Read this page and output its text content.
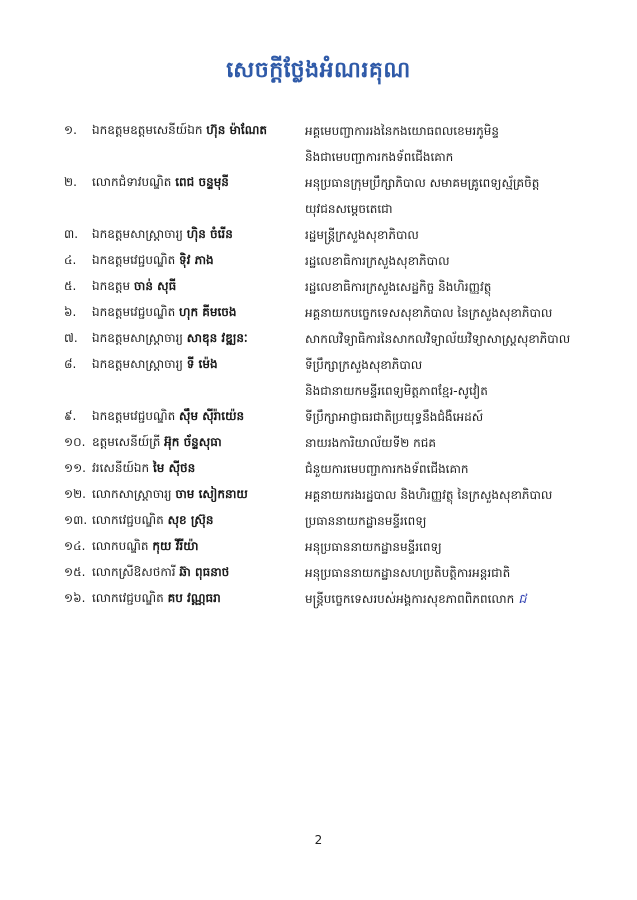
សេចក្តីថ្លែងអំណរគុណ
១.	ឯកឧត្តមឧត្តមសេនីយ៍ឯក ហ៊ុន ម៉ាណែត	អគ្គមេបញ្ជាការរងនៃកងយោធពលខេមរភូមិន្ទ
និងជាមេបញ្ជាការកងទ័ពជើងគោក
២.	លោកជំទាវបណ្ឌិត ពេជ ចន្ទមុនី	អនុប្រធានក្រុមប្រឹក្សាភិបាល សមាគមគ្រូពេទ្យស្ម័គ្រចិត្ត
យុវជនសម្តេចតេជោ
៣.	ឯកឧត្តមសាស្ត្រាចារ្យ ហ៊ិន ចំរើន	រដ្ឋមន្ត្រីក្រសួងសុខាភិបាល
៤.	ឯកឧត្តមវេជ្ជបណ្ឌិត ទ៉ិវ ភាង	រដ្ឋលេខាធិការក្រសួងសុខាភិបាល
៥.	ឯកឧត្តម ចាន់ សុធី	រដ្ឋលេខាធិការក្រសួងសេដ្ឋកិច្ច និងហិរញ្ញវត្ថុ
៦.	ឯកឧត្តមវេជ្ជបណ្ឌិត ហុក គីមចេង	អគ្គនាយកបច្ចេកទេសសុខាភិបាល នៃក្រសួងសុខាភិបាល
៧.	ឯកឧត្តមសាស្ត្រាចារ្យ សាឌុន វឌ្ឍនៈ	សាកលវិទ្យាធិការនៃសាកលវិទ្យាល័យវិទ្យាសាស្ត្រសុខាភិបាល
៨.	ឯកឧត្តមសាស្ត្រាចារ្យ ទី ម៉េង	ទីប្រឹក្សាក្រសួងសុខាភិបាល
និងជានាយកមន្ទីរពេទ្យមិត្តភាពខ្មែរ-សូវៀត
៩.	ឯកឧត្តមវេជ្ជបណ្ឌិត ស៊ឹម ស៊ីរ៉ាយ៉េន	ទីប្រឹក្សាអាជ្ញាធរជាតិប្រយុទ្ធនឹងជំងឺអេដស៍
១០. ឧត្តមសេនីយ៍ត្រី អ៊ុក ច័ន្ទសុធា	នាយរងការិយាល័យទី២ កជគ
១១. វរសេនីយ៍ឯក មៃ ស៊ីថន	ជំនួយការមេបញ្ជាការកងទ័ពជើងគោក
១២. លោកសាស្ត្រាចារ្យ ចាម សៀកនាយ	អគ្គនាយករងរដ្ឋបាល និងហិរញ្ញវត្ថុ នៃក្រសួងសុខាភិបាល
១៣. លោកវេជ្ជបណ្ឌិត សុខ ស្រ៊ុន	ប្រធាននាយកដ្ឋានមន្ទីរពេទ្យ
១៤. លោកបណ្ឌិត កុយ វីរីយ៉ា	អនុប្រធាននាយកដ្ឋានមន្ទីរពេទ្យ
១៥. លោកស្រីឱសថការី ឆ៊ា ពុធនាថ	អនុប្រធាននាយកដ្ឋានសហប្រតិបត្តិការអន្តរជាតិ
១៦. លោកវេជ្ជបណ្ឌិត គប វណ្ណធរា	មន្ត្រីបច្ចេកទេសរបស់អង្គការសុខភាពពិភពលោក ជ
2
